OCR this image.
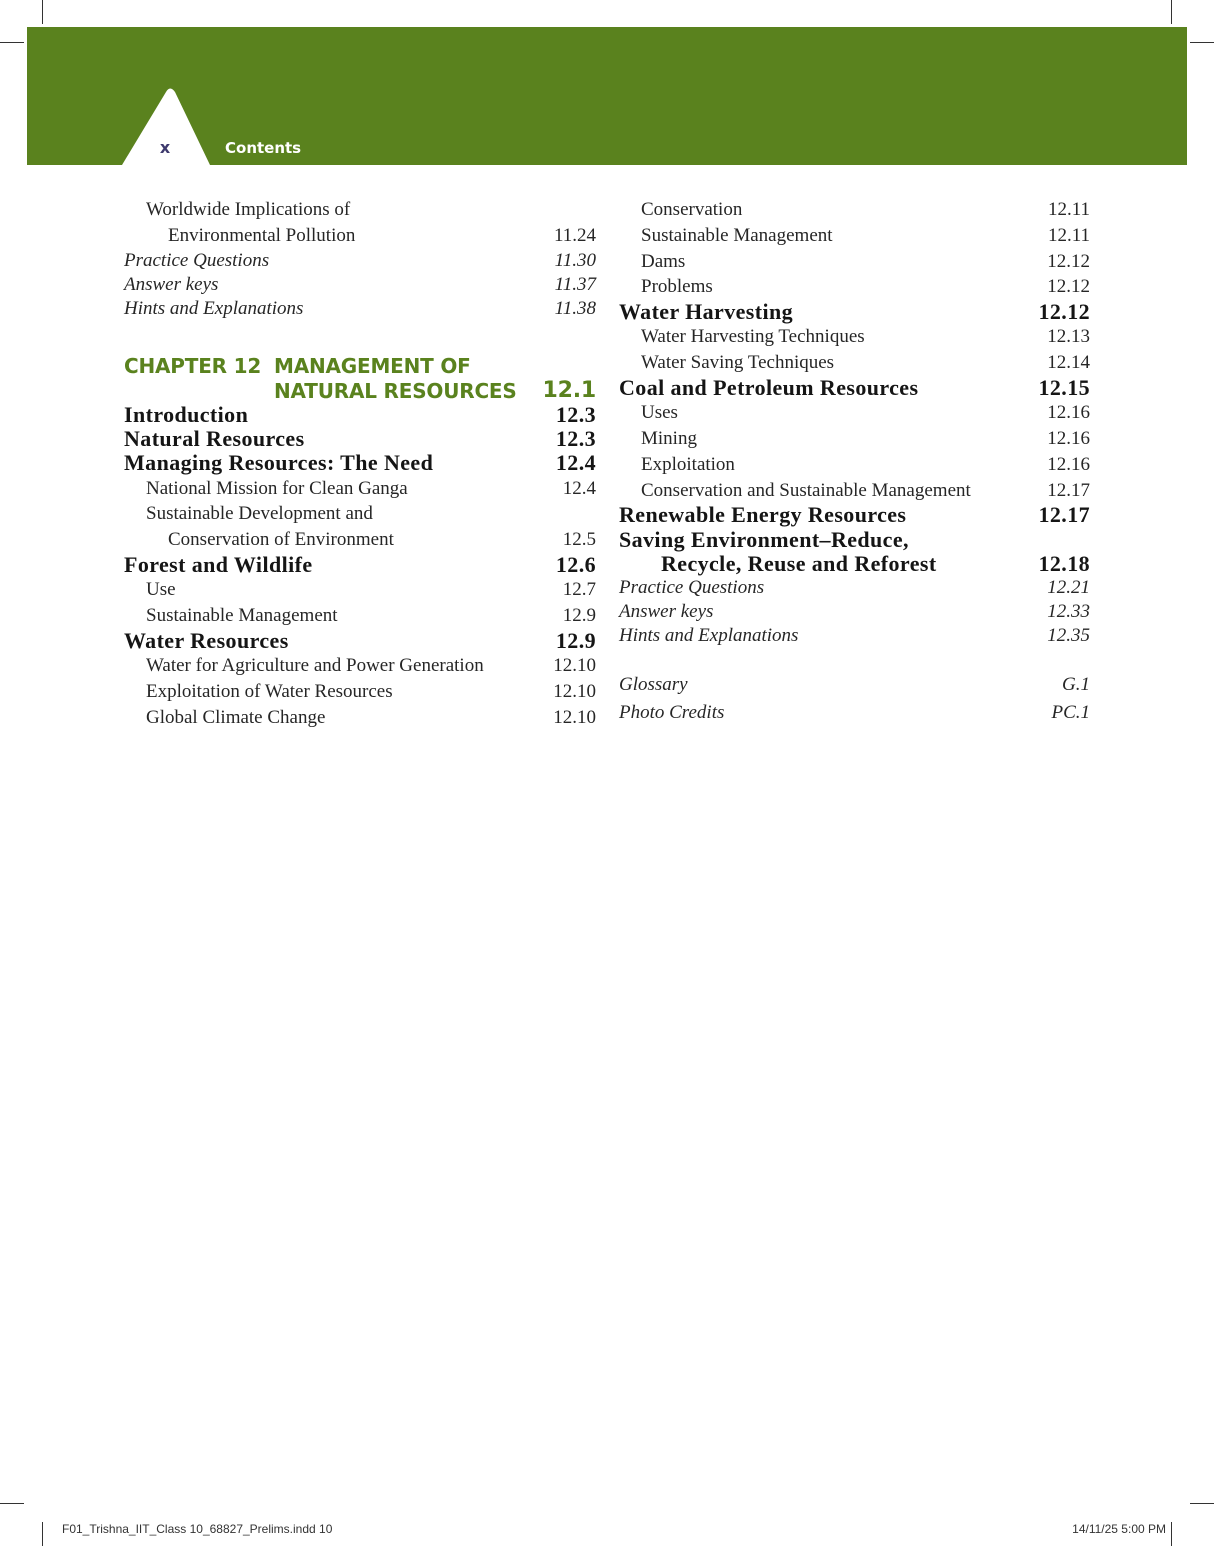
x	Contents
Worldwide Implications of
Environmental Pollution	11.24
Practice Questions	11.30
Answer keys	11.37
Hints and Explanations	11.38
CHAPTER 12 MANAGEMENT OF
NATURAL RESOURCES 12.1
Introduction	12.3
Natural Resources	12.3
Managing Resources: The Need	12.4
National Mission for Clean Ganga	12.4
Sustainable Development and
Conservation of Environment	12.5
Forest and Wildlife	12.6
Use	12.7
Sustainable Management	12.9
Water Resources	12.9
Water for Agriculture and Power Generation	12.10
Exploitation of Water Resources	12.10
Global Climate Change	12.10
Conservation	12.11
Sustainable Management	12.11
Dams	12.12
Problems	12.12
Water Harvesting	12.12
Water Harvesting Techniques	12.13
Water Saving Techniques	12.14
Coal and Petroleum Resources	12.15
Uses	12.16
Mining	12.16
Exploitation	12.16
Conservation and Sustainable Management	12.17
Renewable Energy Resources	12.17
Saving Environment–Reduce,
Recycle, Reuse and Reforest	12.18
Practice Questions	12.21
Answer keys	12.33
Hints and Explanations	12.35
Glossary	G.1
Photo Credits	PC.1
F01_Trishna_IIT_Class 10_68827_Prelims.indd 10	14/11/25 5:00 PM
